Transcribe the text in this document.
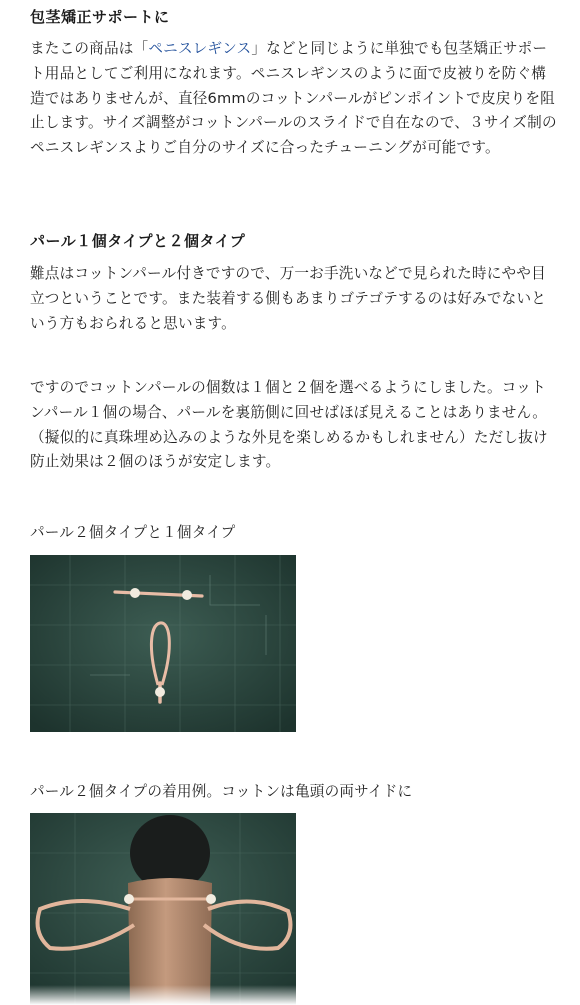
包茎矯正サポートに

またこの商品は「ペニスレギンス」などと同じように単独でも包茎矯正サポート用品としてご利用になれます。ペニスレギンスのように面で皮被りを防ぐ構造ではありませんが、直径6mmのコットンパールがピンポイントで皮戻りを阻止します。サイズ調整がコットンパールのスライドで自在なので、３サイズ制のペニスレギンスよりご自分のサイズに合ったチューニングが可能です。

パール１個タイプと２個タイプ

難点はコットンパール付きですので、万一お手洗いなどで見られた時にやや目立つということです。また装着する側もあまりゴテゴテするのは好みでないという方もおられると思います。

ですのでコットンパールの個数は１個と２個を選べるようにしました。コットンパール１個の場合、パールを裏筋側に回せばほぼ見えることはありません。（擬似的に真珠埋め込みのような外見を楽しめるかもしれません）ただし抜け防止効果は２個のほうが安定します。

パール２個タイプと１個タイプ

パール２個タイプの着用例。コットンは亀頭の両サイドに
